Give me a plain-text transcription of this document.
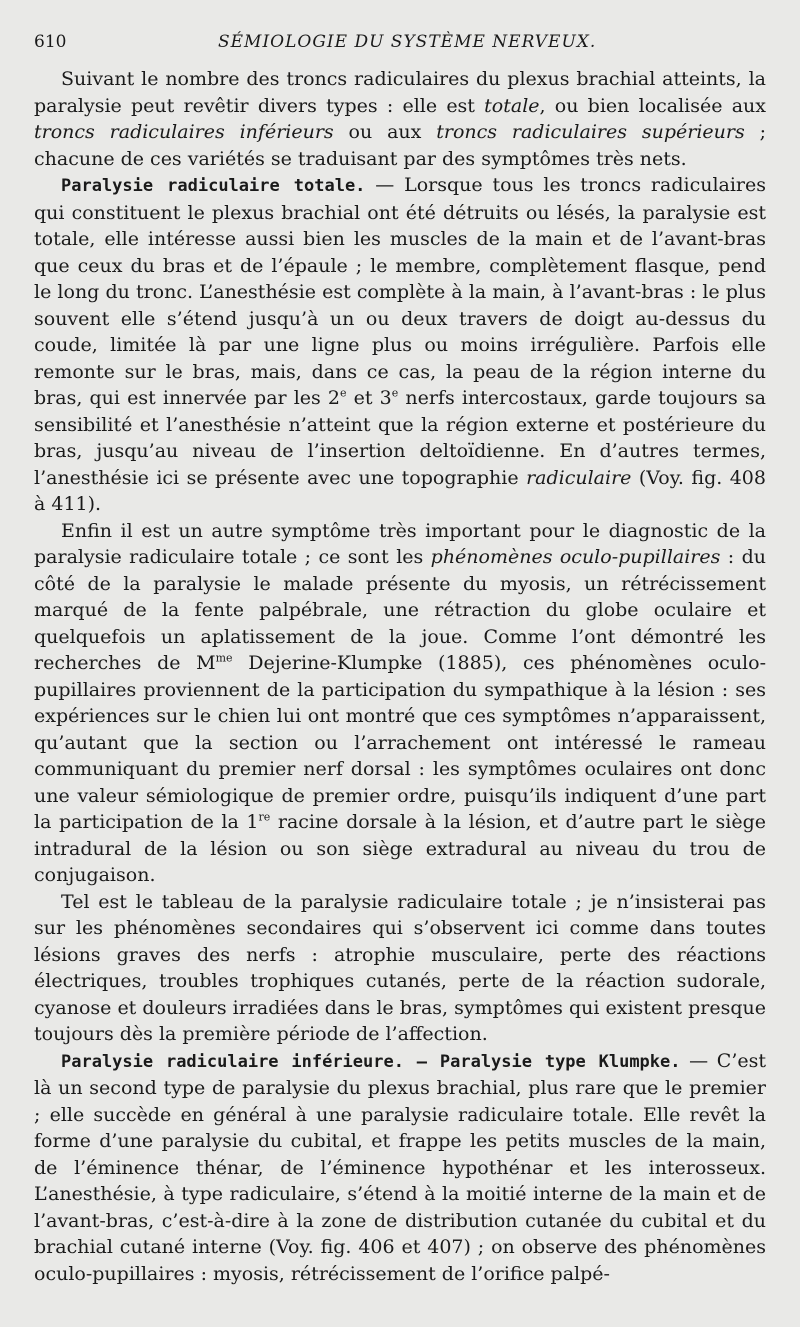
610	SÉMIOLOGIE DU SYSTÈME NERVEUX.

Suivant le nombre des troncs radiculaires du plexus brachial atteints, la paralysie peut revêtir divers types : elle est totale, ou bien localisée aux troncs radiculaires inférieurs ou aux troncs radiculaires supérieurs ; chacune de ces variétés se traduisant par des symptômes très nets.

Paralysie radiculaire totale. — Lorsque tous les troncs radiculaires qui constituent le plexus brachial ont été détruits ou lésés, la paralysie est totale, elle intéresse aussi bien les muscles de la main et de l’avant-bras que ceux du bras et de l’épaule ; le membre, complètement flasque, pend le long du tronc. L’anesthésie est complète à la main, à l’avant-bras : le plus souvent elle s’étend jusqu’à un ou deux travers de doigt au-dessus du coude, limitée là par une ligne plus ou moins irrégulière. Parfois elle remonte sur le bras, mais, dans ce cas, la peau de la région interne du bras, qui est innervée par les 2e et 3e nerfs intercostaux, garde toujours sa sensibilité et l’anesthésie n’atteint que la région externe et postérieure du bras, jusqu’au niveau de l’insertion deltoïdienne. En d’autres termes, l’anesthésie ici se présente avec une topographie radiculaire (Voy. fig. 408 à 411).

Enfin il est un autre symptôme très important pour le diagnostic de la paralysie radiculaire totale ; ce sont les phénomènes oculo-pupillaires : du côté de la paralysie le malade présente du myosis, un rétrécissement marqué de la fente palpébrale, une rétraction du globe oculaire et quelquefois un aplatissement de la joue. Comme l’ont démontré les recherches de $M^{me}$ Dejerine-Klumpke (1885), ces phénomènes oculo-pupillaires proviennent de la participation du sympathique à la lésion : ses expériences sur le chien lui ont montré que ces symptômes n’apparaissent, qu’autant que la section ou l’arrachement ont intéressé le rameau communiquant du premier nerf dorsal : les symptômes oculaires ont donc une valeur sémiologique de premier ordre, puisqu’ils indiquent d’une part la participation de la 1re racine dorsale à la lésion, et d’autre part le siège intradural de la lésion ou son siège extradural au niveau du trou de conjugaison.

Tel est le tableau de la paralysie radiculaire totale ; je n’insisterai pas sur les phénomènes secondaires qui s’observent ici comme dans toutes lésions graves des nerfs : atrophie musculaire, perte des réactions électriques, troubles trophiques cutanés, perte de la réaction sudorale, cyanose et douleurs irradiées dans le bras, symptômes qui existent presque toujours dès la première période de l’affection.

Paralysie radiculaire inférieure. — Paralysie type Klumpke. — C’est là un second type de paralysie du plexus brachial, plus rare que le premier ; elle succède en général à une paralysie radiculaire totale. Elle revêt la forme d’une paralysie du cubital, et frappe les petits muscles de la main, de l’éminence thénar, de l’éminence hypothénar et les interosseux. L’anesthésie, à type radiculaire, s’étend à la moitié interne de la main et de l’avant-bras, c’est-à-dire à la zone de distribution cutanée du cubital et du brachial cutané interne (Voy. fig. 406 et 407) ; on observe des phénomènes oculo-pupillaires : myosis, rétrécissement de l’orifice palpé-
